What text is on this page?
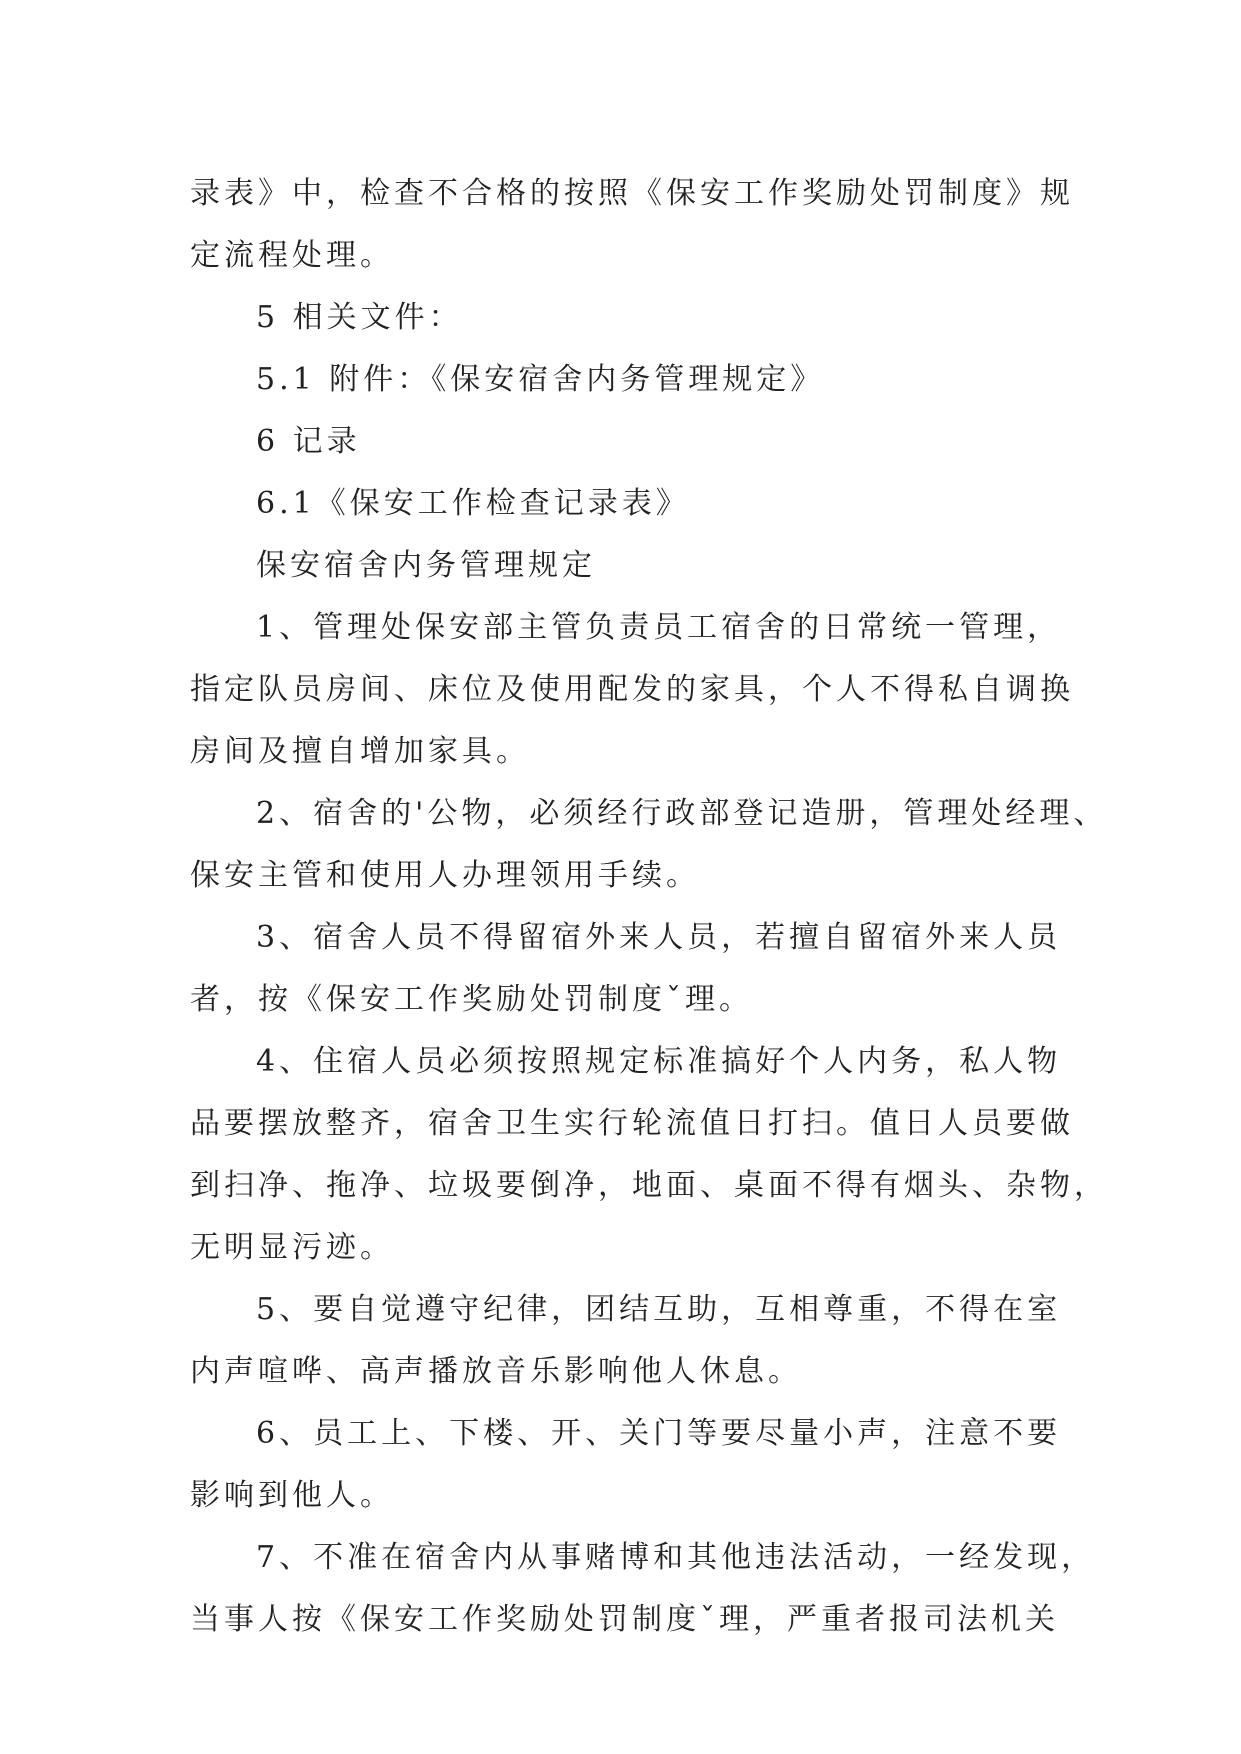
录表》中，检查不合格的按照《保安工作奖励处罚制度》规
定流程处理。
5 相关文件：
5.1 附件：《保安宿舍内务管理规定》
6 记录
6.1《保安工作检查记录表》
保安宿舍内务管理规定
1、管理处保安部主管负责员工宿舍的日常统一管理，
指定队员房间、床位及使用配发的家具，个人不得私自调换
房间及擅自增加家具。
2、宿舍的'公物，必须经行政部登记造册，管理处经理、
保安主管和使用人办理领用手续。
3、宿舍人员不得留宿外来人员，若擅自留宿外来人员
者，按《保安工作奖励处罚制度ˇ理。
4、住宿人员必须按照规定标准搞好个人内务，私人物
品要摆放整齐，宿舍卫生实行轮流值日打扫。值日人员要做
到扫净、拖净、垃圾要倒净，地面、桌面不得有烟头、杂物，
无明显污迹。
5、要自觉遵守纪律，团结互助，互相尊重，不得在室
内声喧哗、高声播放音乐影响他人休息。
6、员工上、下楼、开、关门等要尽量小声，注意不要
影响到他人。
7、不准在宿舍内从事赌博和其他违法活动，一经发现，
当事人按《保安工作奖励处罚制度ˇ理，严重者报司法机关
